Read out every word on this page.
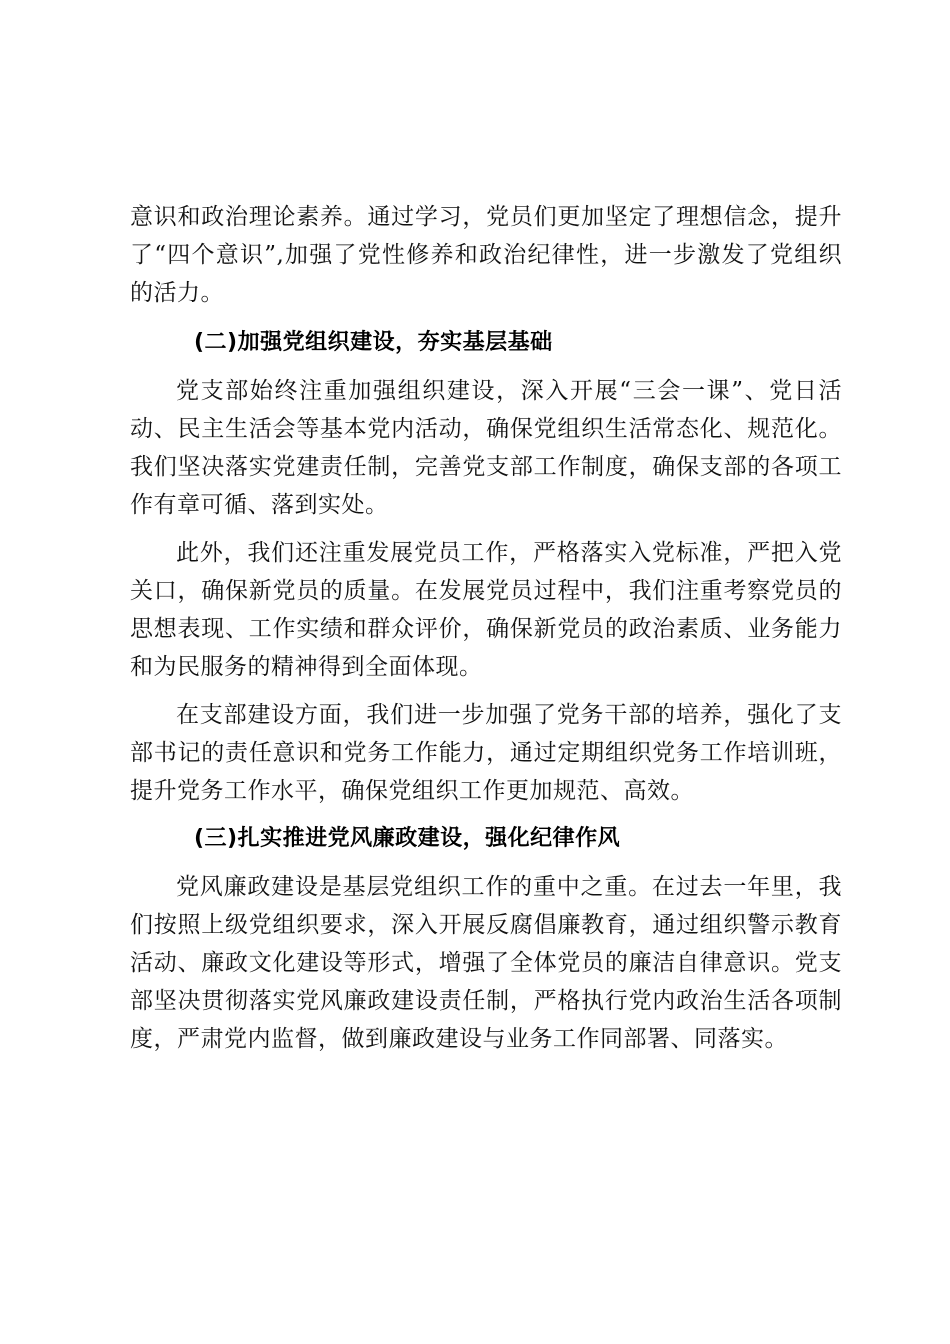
意识和政治理论素养。通过学习，党员们更加坚定了理想信念，提升了“四个意识”,加强了党性修养和政治纪律性，进一步激发了党组织的活力。

(二)加强党组织建设，夯实基层基础

党支部始终注重加强组织建设，深入开展“三会一课”、党日活动、民主生活会等基本党内活动，确保党组织生活常态化、规范化。我们坚决落实党建责任制，完善党支部工作制度，确保支部的各项工作有章可循、落到实处。

此外，我们还注重发展党员工作，严格落实入党标准，严把入党关口，确保新党员的质量。在发展党员过程中，我们注重考察党员的思想表现、工作实绩和群众评价，确保新党员的政治素质、业务能力和为民服务的精神得到全面体现。

在支部建设方面，我们进一步加强了党务干部的培养，强化了支部书记的责任意识和党务工作能力，通过定期组织党务工作培训班，提升党务工作水平，确保党组织工作更加规范、高效。

(三)扎实推进党风廉政建设，强化纪律作风

党风廉政建设是基层党组织工作的重中之重。在过去一年里，我们按照上级党组织要求，深入开展反腐倡廉教育，通过组织警示教育活动、廉政文化建设等形式，增强了全体党员的廉洁自律意识。党支部坚决贯彻落实党风廉政建设责任制，严格执行党内政治生活各项制度，严肃党内监督，做到廉政建设与业务工作同部署、同落实。
